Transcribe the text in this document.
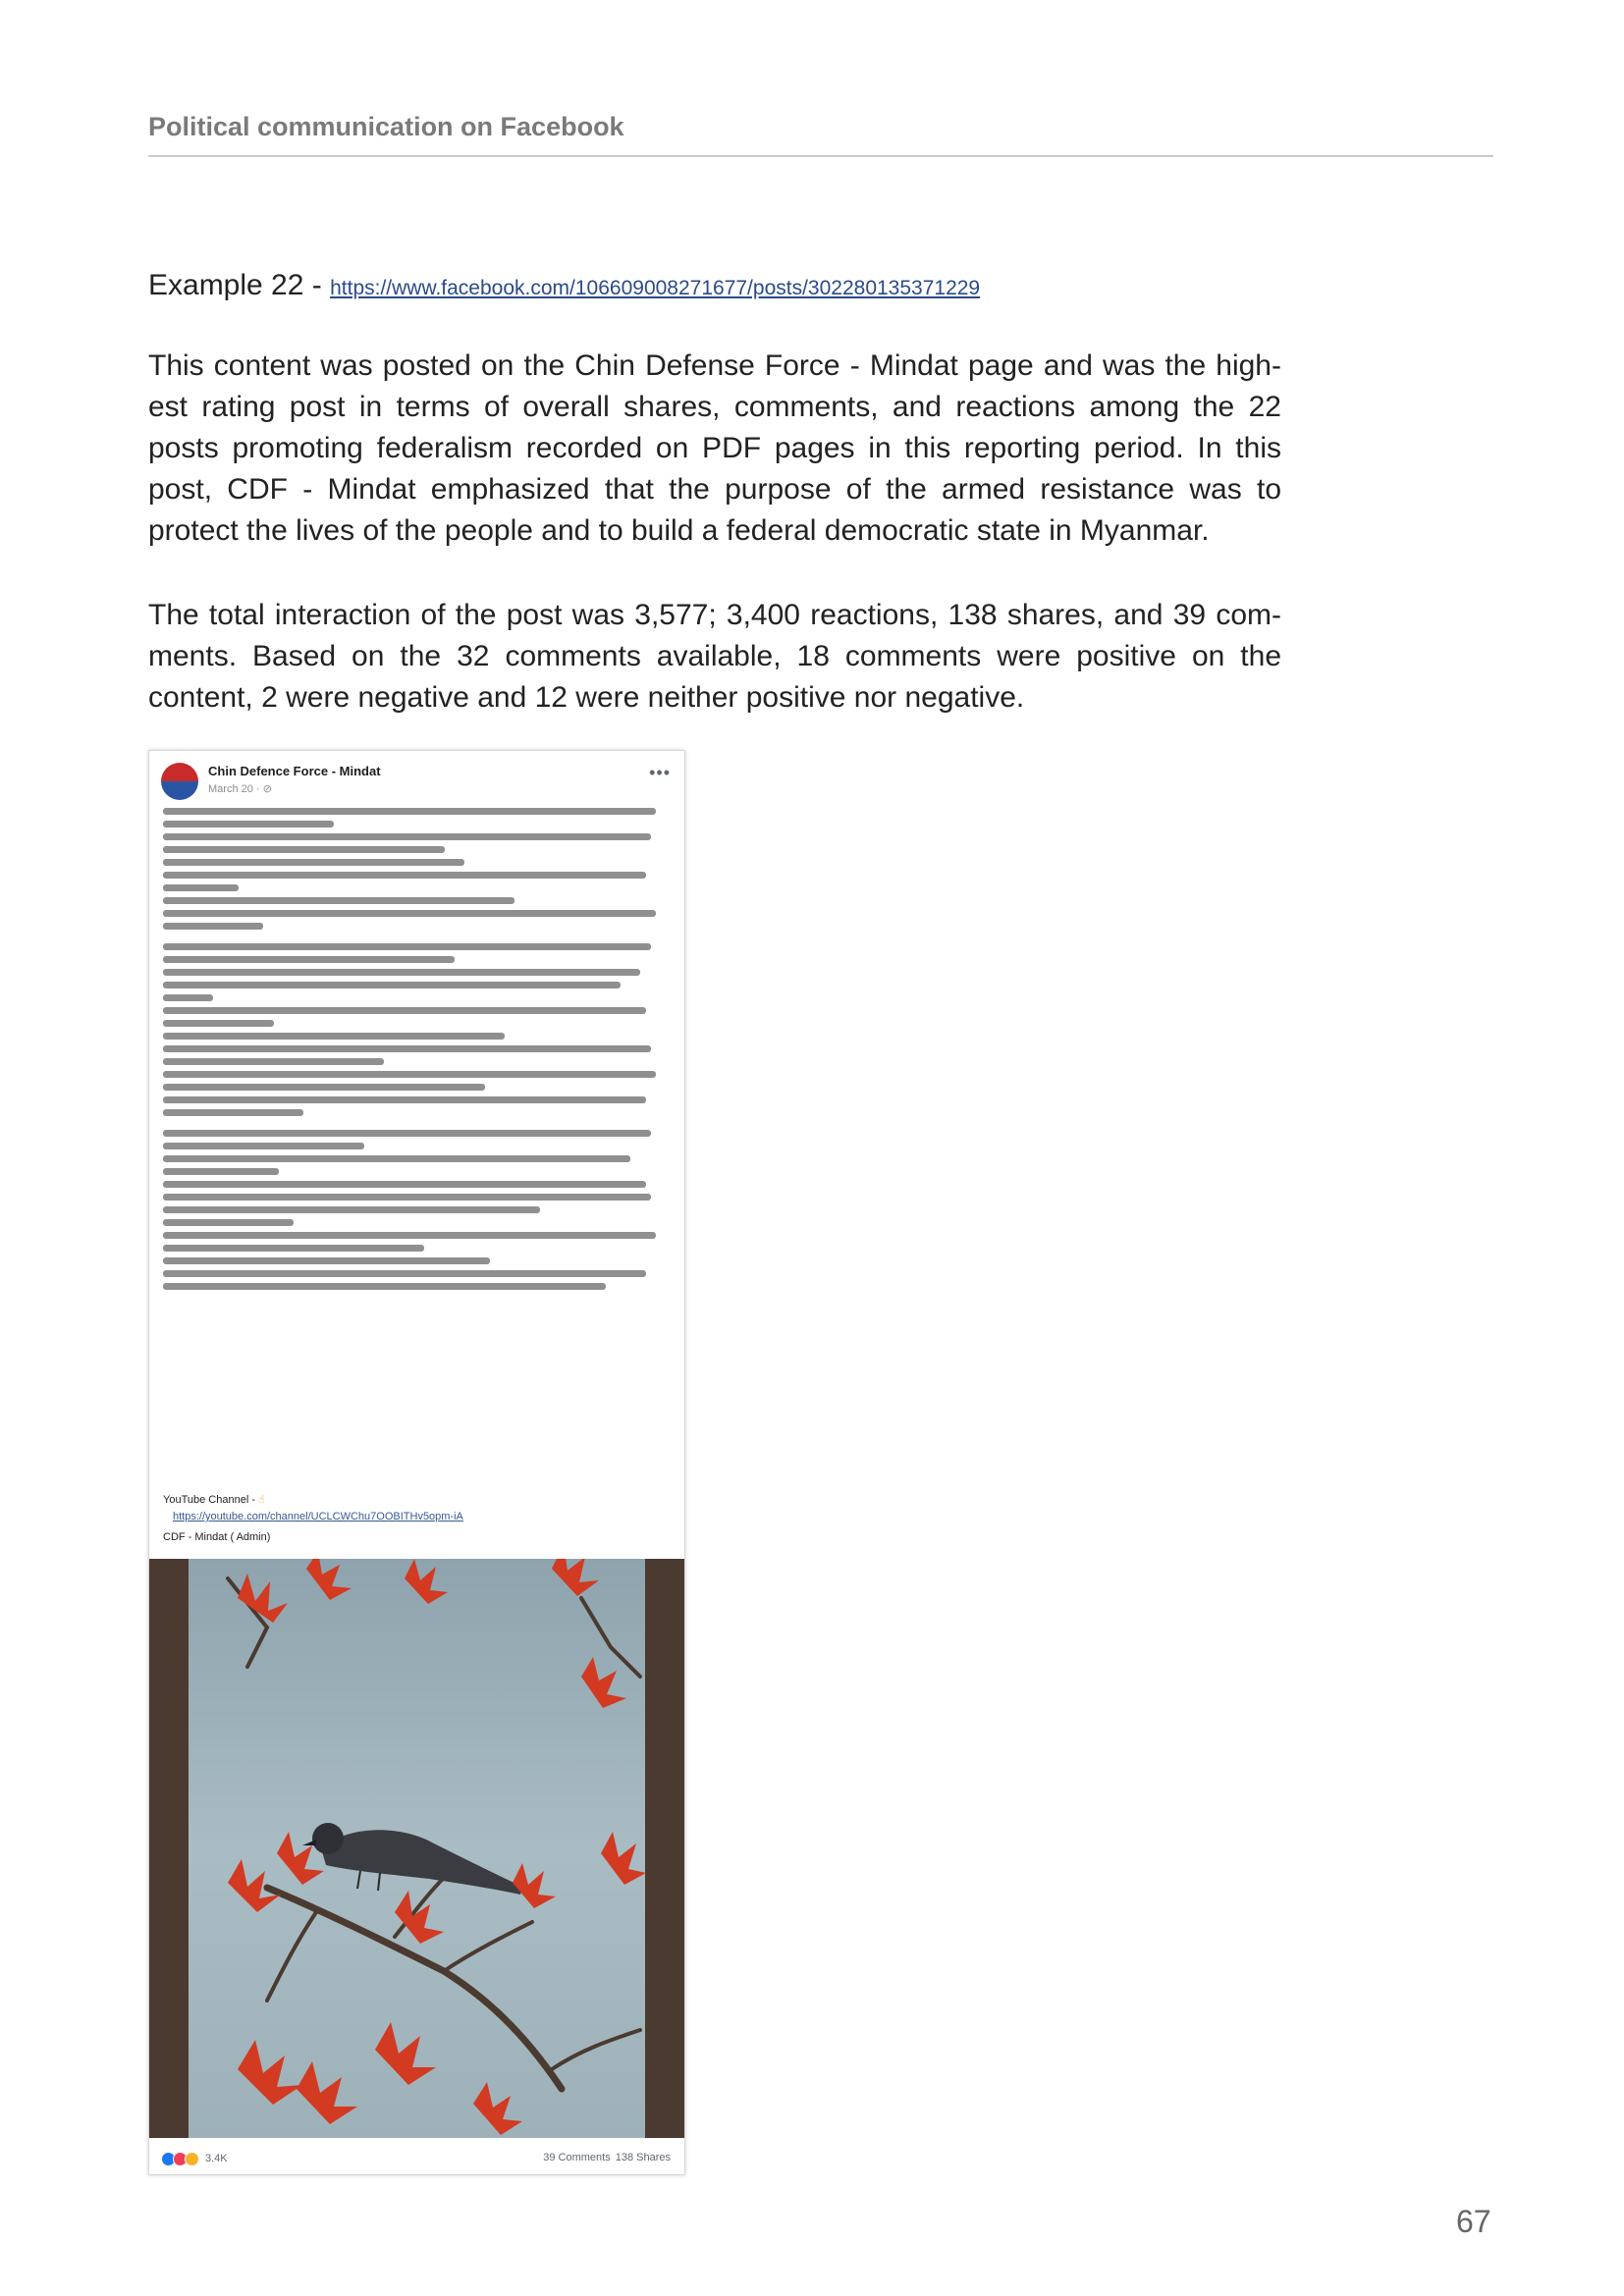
Political communication on Facebook
Example 22 - https://www.facebook.com/106609008271677/posts/302280135371229
This content was posted on the Chin Defense Force - Mindat page and was the high-est rating post in terms of overall shares, comments, and reactions among the 22 posts promoting federalism recorded on PDF pages in this reporting period. In this post, CDF - Mindat emphasized that the purpose of the armed resistance was to protect the lives of the people and to build a federal democratic state in Myanmar.
The total interaction of the post was 3,577; 3,400 reactions, 138 shares, and 39 com-ments. Based on the 32 comments available, 18 comments were positive on the content, 2 were negative and 12 were neither positive nor negative.
Chin Defence Force - Mindat
March 20 · ⊘
•••
YouTube Channel - ☝
https://youtube.com/channel/UCLCWChu7OOBITHv5opm-iA
CDF - Mindat ( Admin)
3.4K	39 Comments 138 Shares
67
